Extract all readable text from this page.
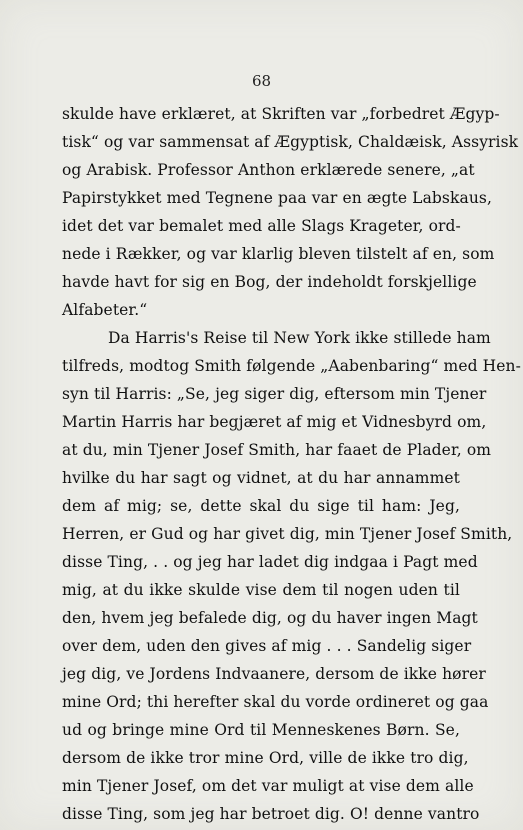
68
skulde have erklæret, at Skriften var „forbedret Ægyp-
tisk“ og var sammensat af Ægyptisk, Chaldæisk, Assyrisk
og Arabisk. Professor Anthon erklærede senere, „at
Papirstykket med Tegnene paa var en ægte Labskaus,
idet det var bemalet med alle Slags Krageter, ord-
nede i Rækker, og var klarlig bleven tilstelt af en, som
havde havt for sig en Bog, der indeholdt forskjellige
Alfabeter.“
Da Harris's Reise til New York ikke stillede ham
tilfreds, modtog Smith følgende „Aabenbaring“ med Hen-
syn til Harris: „Se, jeg siger dig, eftersom min Tjener
Martin Harris har begjæret af mig et Vidnesbyrd om,
at du, min Tjener Josef Smith, har faaet de Plader, om
hvilke du har sagt og vidnet, at du har annammet
dem af mig; se, dette skal du sige til ham: Jeg,
Herren, er Gud og har givet dig, min Tjener Josef Smith,
disse Ting, . . og jeg har ladet dig indgaa i Pagt med
mig, at du ikke skulde vise dem til nogen uden til
den, hvem jeg befalede dig, og du haver ingen Magt
over dem, uden den gives af mig . . . Sandelig siger
jeg dig, ve Jordens Indvaanere, dersom de ikke hører
mine Ord; thi herefter skal du vorde ordineret og gaa
ud og bringe mine Ord til Menneskenes Børn. Se,
dersom de ikke tror mine Ord, ville de ikke tro dig,
min Tjener Josef, om det var muligt at vise dem alle
disse Ting, som jeg har betroet dig. O! denne vantro
